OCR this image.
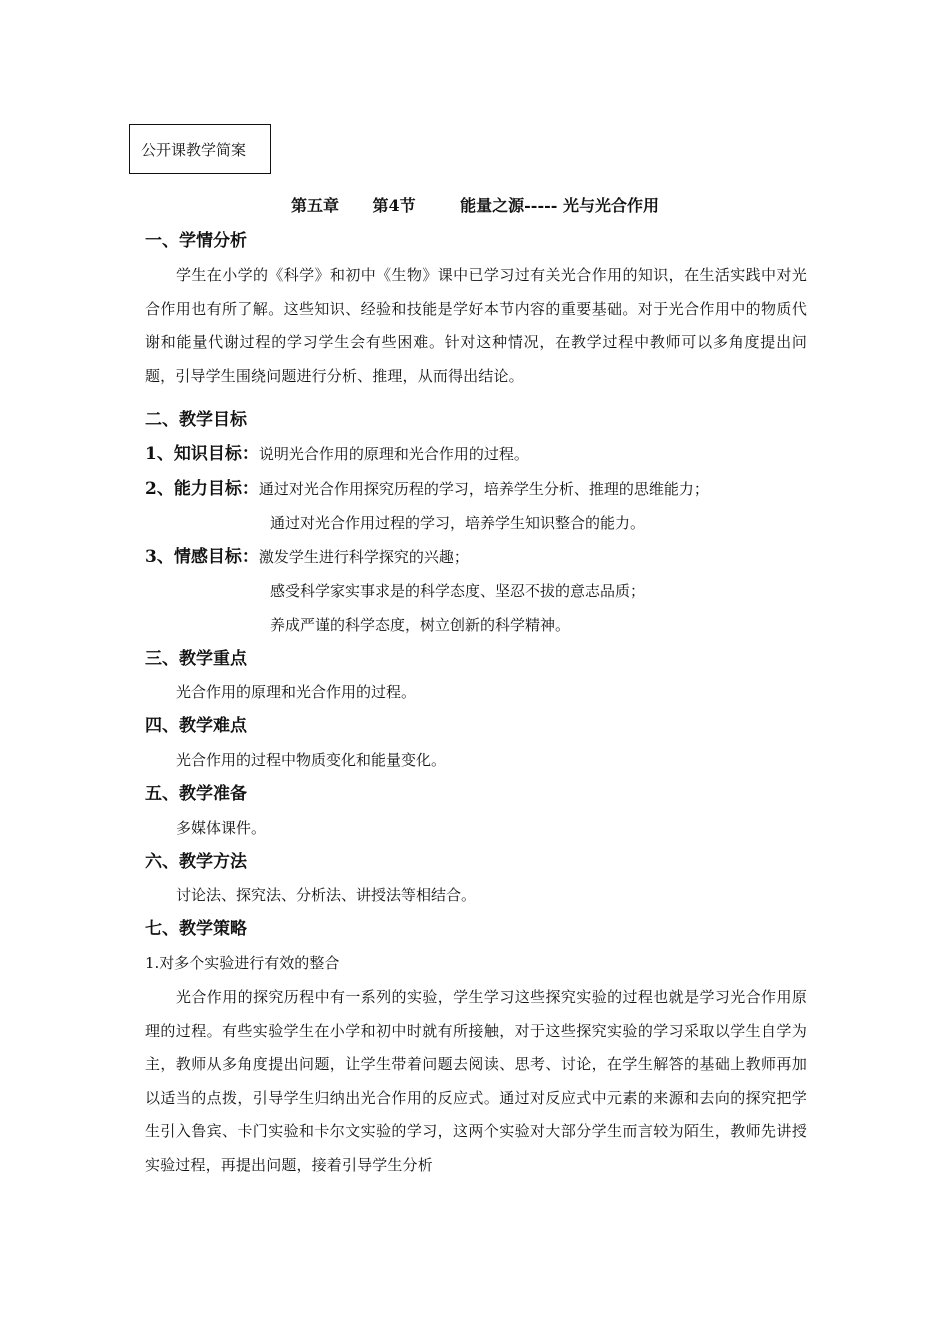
公开课教学简案
第五章      第4节        能量之源----- 光与光合作用
一、学情分析
学生在小学的《科学》和初中《生物》课中已学习过有关光合作用的知识，在生活实践中对光合作用也有所了解。这些知识、经验和技能是学好本节内容的重要基础。对于光合作用中的物质代谢和能量代谢过程的学习学生会有些困难。针对这种情况，在教学过程中教师可以多角度提出问题，引导学生围绕问题进行分析、推理，从而得出结论。
二、教学目标
1、知识目标：说明光合作用的原理和光合作用的过程。
2、能力目标：通过对光合作用探究历程的学习，培养学生分析、推理的思维能力；
通过对光合作用过程的学习，培养学生知识整合的能力。
3、情感目标：激发学生进行科学探究的兴趣；
感受科学家实事求是的科学态度、坚忍不拔的意志品质；
养成严谨的科学态度，树立创新的科学精神。
三、教学重点
光合作用的原理和光合作用的过程。
四、教学难点
光合作用的过程中物质变化和能量变化。
五、教学准备
多媒体课件。
六、教学方法
讨论法、探究法、分析法、讲授法等相结合。
七、教学策略
1.对多个实验进行有效的整合
光合作用的探究历程中有一系列的实验，学生学习这些探究实验的过程也就是学习光合作用原理的过程。有些实验学生在小学和初中时就有所接触，对于这些探究实验的学习采取以学生自学为主，教师从多角度提出问题，让学生带着问题去阅读、思考、讨论，在学生解答的基础上教师再加以适当的点拨，引导学生归纳出光合作用的反应式。通过对反应式中元素的来源和去向的探究把学生引入鲁宾、卡门实验和卡尔文实验的学习，这两个实验对大部分学生而言较为陌生，教师先讲授实验过程，再提出问题，接着引导学生分析
